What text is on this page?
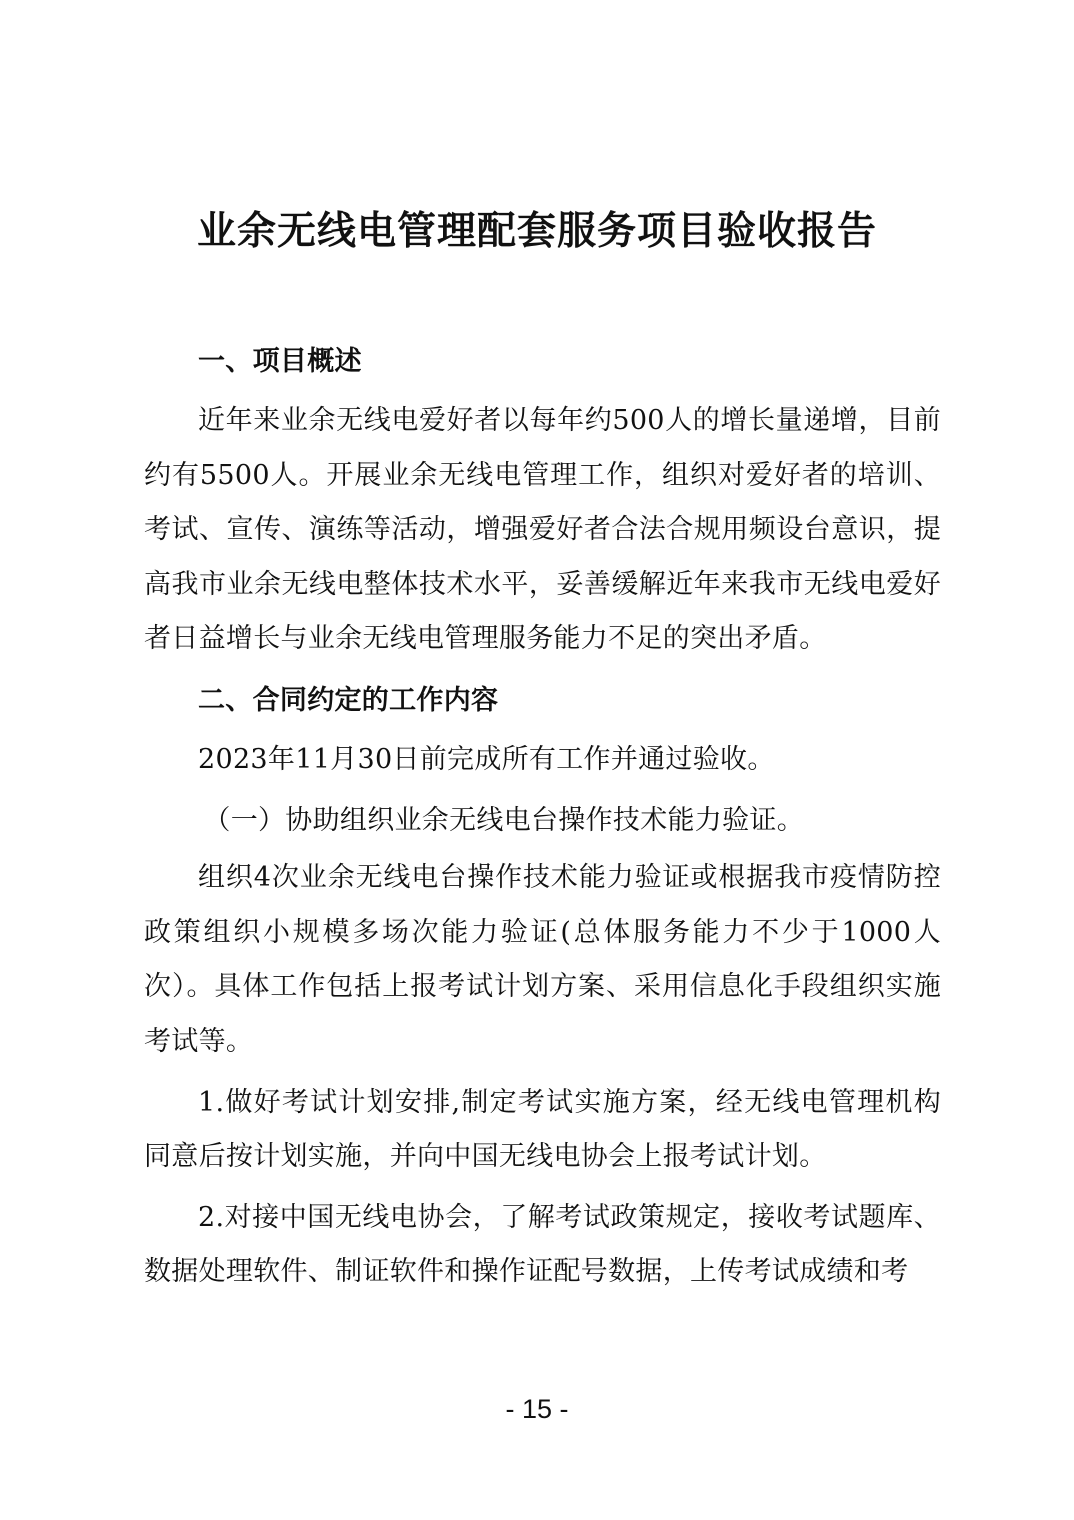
业余无线电管理配套服务项目验收报告

一、项目概述

近年来业余无线电爱好者以每年约500人的增长量递增，目前约有5500人。开展业余无线电管理工作，组织对爱好者的培训、考试、宣传、演练等活动，增强爱好者合法合规用频设台意识，提高我市业余无线电整体技术水平，妥善缓解近年来我市无线电爱好者日益增长与业余无线电管理服务能力不足的突出矛盾。

二、合同约定的工作内容

2023年11月30日前完成所有工作并通过验收。

（一）协助组织业余无线电台操作技术能力验证。

组织4次业余无线电台操作技术能力验证或根据我市疫情防控政策组织小规模多场次能力验证(总体服务能力不少于1000人次）。具体工作包括上报考试计划方案、采用信息化手段组织实施考试等。

1.做好考试计划安排,制定考试实施方案，经无线电管理机构同意后按计划实施，并向中国无线电协会上报考试计划。

2.对接中国无线电协会，了解考试政策规定，接收考试题库、数据处理软件、制证软件和操作证配号数据，上传考试成绩和考

- 15 -
